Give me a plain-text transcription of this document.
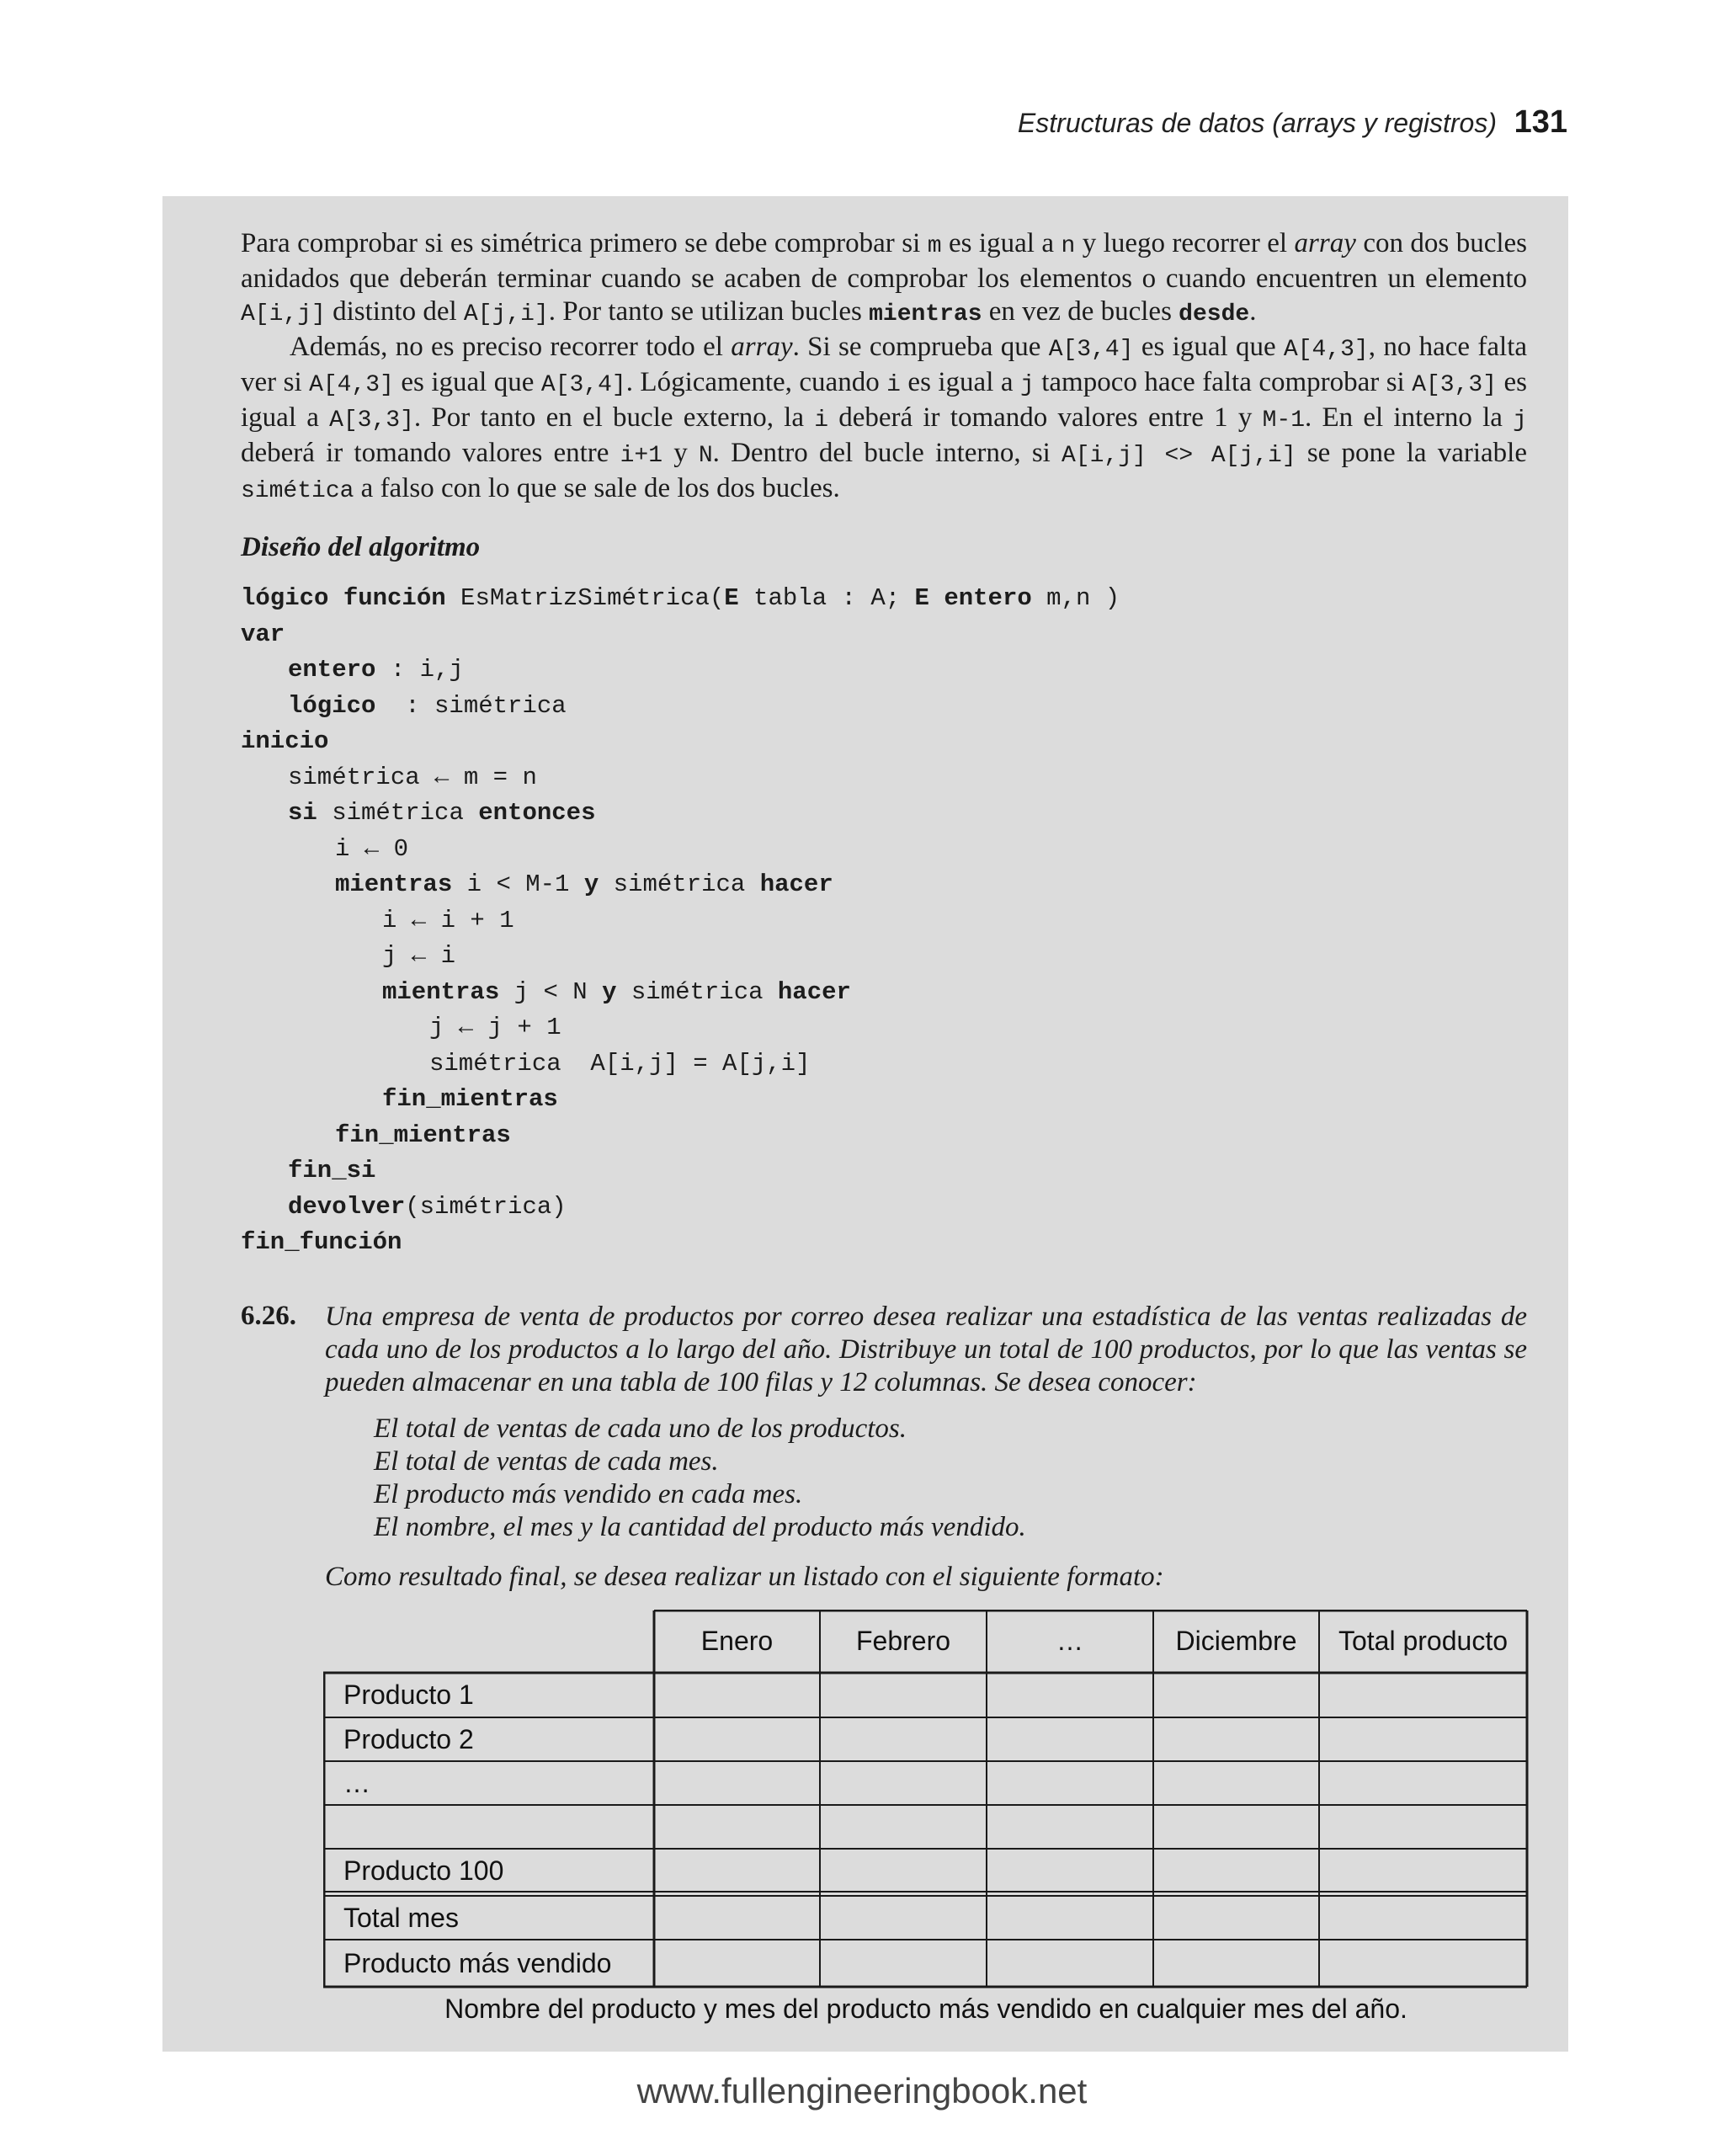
Estructuras de datos (arrays y registros) 131

Para comprobar si es simétrica primero se debe comprobar si m es igual a n y luego recorrer el array con dos bucles anidados que deberán terminar cuando se acaben de comprobar los elementos o cuando encuentren un elemento A[i,j] distinto del A[j,i]. Por tanto se utilizan bucles mientras en vez de bucles desde.

Además, no es preciso recorrer todo el array. Si se comprueba que A[3,4] es igual que A[4,3], no hace falta ver si A[4,3] es igual que A[3,4]. Lógicamente, cuando i es igual a j tampoco hace falta comprobar si A[3,3] es igual a A[3,3]. Por tanto en el bucle externo, la i deberá ir tomando valores entre 1 y M-1. En el interno la j deberá ir tomando valores entre i+1 y N. Dentro del bucle interno, si A[i,j] <> A[j,i] se pone la variable simética a falso con lo que se sale de los dos bucles.

Diseño del algoritmo
lógico función EsMatrizSimétrica(E tabla : A; E entero m,n )
var
entero : i,j
lógico  : simétrica
inicio
simétrica ← m = n
si simétrica entonces
i ← 0
mientras i < M-1 y simétrica hacer
i ← i + 1
j ← i
mientras j < N y simétrica hacer
j ← j + 1
simétrica  A[i,j] = A[j,i]
fin_mientras
fin_mientras
fin_si
devolver(simétrica)
fin_función
6.26. Una empresa de venta de productos por correo desea realizar una estadística de las ventas realizadas de cada uno de los productos a lo largo del año. Distribuye un total de 100 productos, por lo que las ventas se pueden almacenar en una tabla de 100 filas y 12 columnas. Se desea conocer:
El total de ventas de cada uno de los productos.
El total de ventas de cada mes.
El producto más vendido en cada mes.
El nombre, el mes y la cantidad del producto más vendido.
Como resultado final, se desea realizar un listado con el siguiente formato:
Enero	Febrero	…	Diciembre	Total producto
Producto 1
Producto 2
…
Producto 100
Total mes
Producto más vendido
Nombre del producto y mes del producto más vendido en cualquier mes del año.
www.fullengineeringbook.net
